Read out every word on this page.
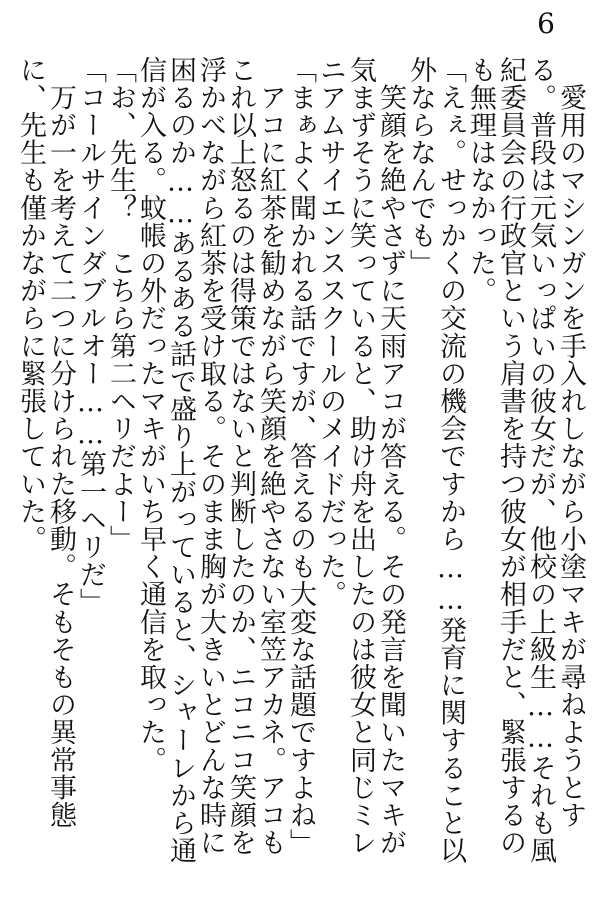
6

　愛用のマシンガンを手入れしながら小塗マキが尋ねようとする。普段は元気いっぱいの彼女だが、他校の上級生……それも風紀委員会の行政官という肩書を持つ彼女が相手だと、緊張するのも無理はなかった。

「えぇ。せっかくの交流の機会ですから……発育に関すること以外ならなんでも」

　笑顔を絶やさずに天雨アコが答える。その発言を聞いたマキが気まずそうに笑っていると、助け舟を出したのは彼女と同じミレニアムサイエンススクールのメイドだった。

「まぁよく聞かれる話ですが、答えるのも大変な話題ですよね」

　アコに紅茶を勧めながら笑顔を絶やさない室笠アカネ。アコもこれ以上怒るのは得策ではないと判断したのか、ニコニコ笑顔を浮かべながら紅茶を受け取る。そのまま胸が大きいとどんな時に困るのか……あるある話で盛り上がっていると、シャーレから通信が入る。蚊帳の外だったマキがいち早く通信を取った。

「お、先生？　こちら第二ヘリだよー」

「コールサインダブルオー……第一ヘリだ」

　万が一を考えて二つに分けられた移動。そもそもの異常事態に、先生も僅かながらに緊張していた。
